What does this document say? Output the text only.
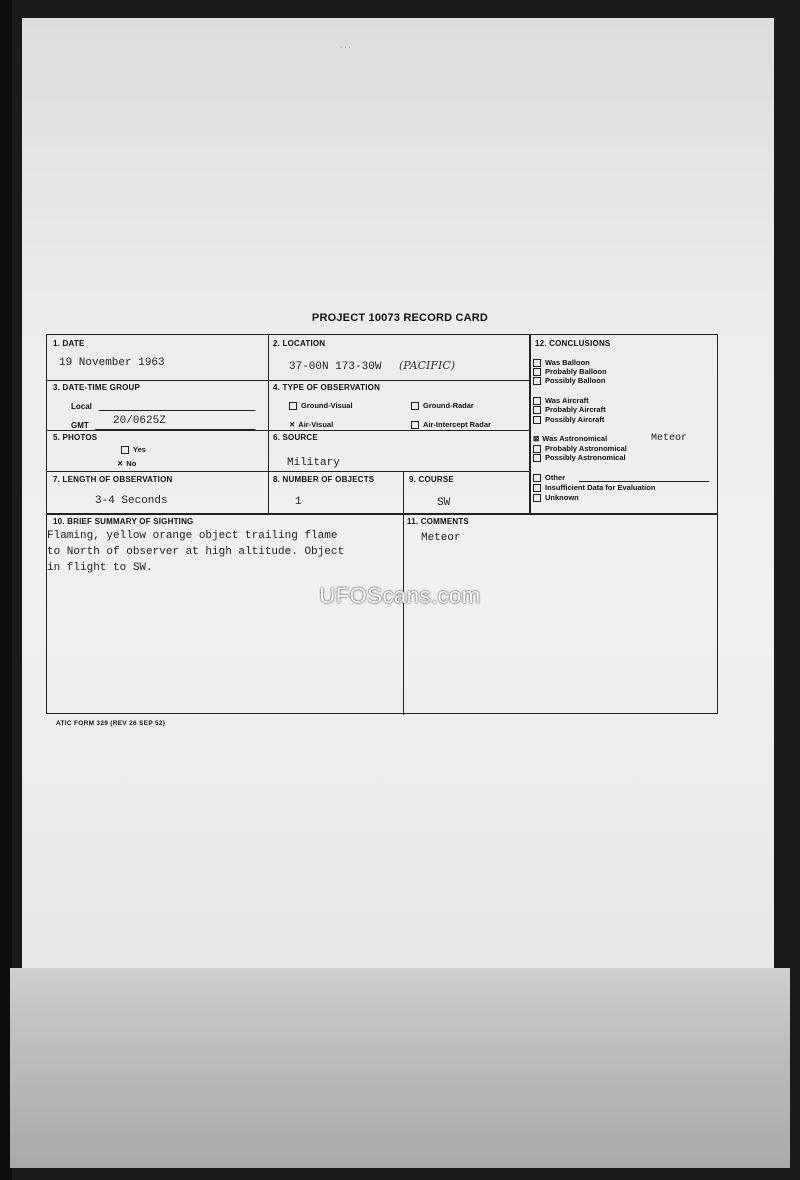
· · ·
PROJECT 10073 RECORD CARD
1. DATE
19 November 1963
2. LOCATION
37-00N 173-30W (PACIFIC)
3. DATE-TIME GROUP
Local
GMT 20/0625Z
4. TYPE OF OBSERVATION
Ground-Visual	Ground-Radar
✕ Air-Visual	Air-Intercept Radar
5. PHOTOS
Yes
✕ No
6. SOURCE
Military
7. LENGTH OF OBSERVATION
3-4 Seconds
8. NUMBER OF OBJECTS
1
9. COURSE
SW
10. BRIEF SUMMARY OF SIGHTING
Flaming, yellow orange object trailing flame
to North of observer at high altitude. Object
in flight to SW.
11. COMMENTS
Meteor
12. CONCLUSIONS
Was Balloon
Probably Balloon
Possibly Balloon
Was Aircraft
Probably Aircraft
Possibly Aircraft
⊠ Was Astronomical	Meteor
Probably Astronomical
Possibly Astronomical
Other
Insufficient Data for Evaluation
Unknown
ATIC FORM 329 (REV 26 SEP 52)
UFOScans.com
